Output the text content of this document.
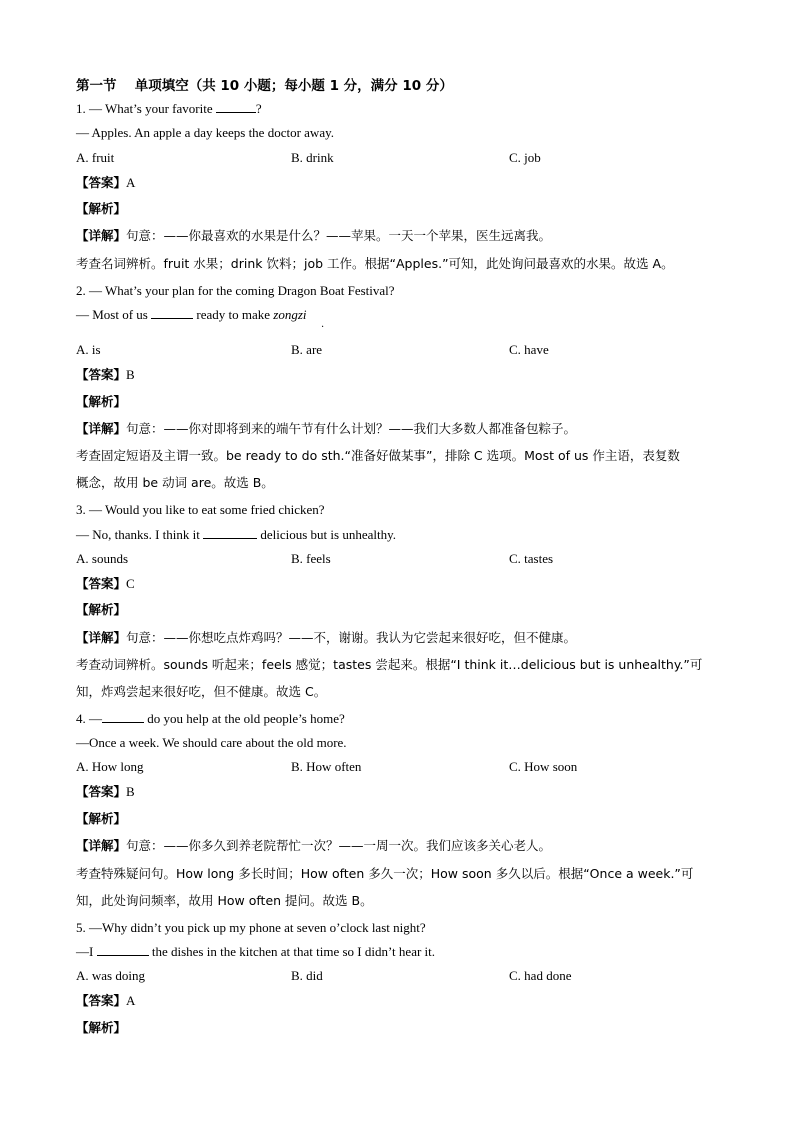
第一节　 单项填空（共 10 小题；每小题 1 分，满分 10 分）
1. — What’s your favorite	?
— Apples. An apple a day keeps the doctor away.
A. fruit	B. drink	C. job
【答案】A
【解析】
【详解】句意：——你最喜欢的水果是什么？——苹果。一天一个苹果，医生远离我。
考查名词辨析。fruit 水果；drink 饮料；job 工作。根据“Apples.”可知，此处询问最喜欢的水果。故选 A。
2. — What’s your plan for the coming Dragon Boat Festival?
— Most of us	ready to make zongzi
.
A. is	B. are	C. have
【答案】B
【解析】
【详解】句意：——你对即将到来的端午节有什么计划？——我们大多数人都准备包粽子。
考查固定短语及主谓一致。be ready to do sth.“准备好做某事”，排除 C 选项。Most of us 作主语，表复数
概念，故用 be 动词 are。故选 B。
3. — Would you like to eat some fried chicken?
— No, thanks. I think it	delicious but is unhealthy.
A. sounds	B. feels	C. tastes
【答案】C
【解析】
【详解】句意：——你想吃点炸鸡吗？——不，谢谢。我认为它尝起来很好吃，但不健康。
考查动词辨析。sounds 听起来；feels 感觉；tastes 尝起来。根据“I think it…delicious but is unhealthy.”可
知，炸鸡尝起来很好吃，但不健康。故选 C。
4. —	do you help at the old people’s home?
—Once a week. We should care about the old more.
A. How long	B. How often	C. How soon
【答案】B
【解析】
【详解】句意：——你多久到养老院帮忙一次？——一周一次。我们应该多关心老人。
考查特殊疑问句。How long 多长时间；How often 多久一次；How soon 多久以后。根据“Once a week.”可
知，此处询问频率，故用 How often 提问。故选 B。
5. —Why didn’t you pick up my phone at seven o’clock last night?
—I	the dishes in the kitchen at that time so I didn’t hear it.
A. was doing	B. did	C. had done
【答案】A
【解析】
